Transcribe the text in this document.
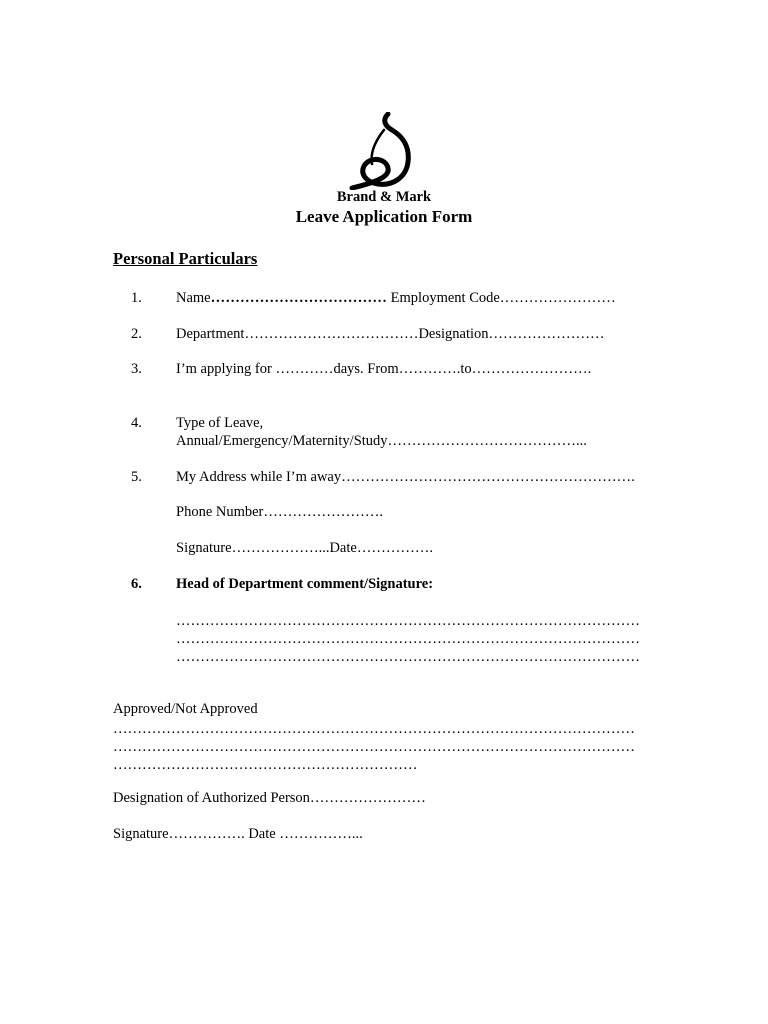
Brand & Mark
Leave Application Form
Personal Particulars
1. Name……………………………… Employment Code……………………
2. Department………………………………Designation……………………
3. I’m applying for …………days. From………….to…………………….
4. Type of Leave,
Annual/Emergency/Maternity/Study…………………………………...
5. My Address while I’m away…………………………………………………….
Phone Number…………………….
Signature………………...Date…………….
6. Head of Department comment/Signature:
……………………………………………………………………………………
……………………………………………………………………………………
……………………………………………………………………………………
Approved/Not Approved
………………………………………………………………………………………………
………………………………………………………………………………………………
………………………………………………………
Designation of Authorized Person……………………
Signature……………. Date ……………...
